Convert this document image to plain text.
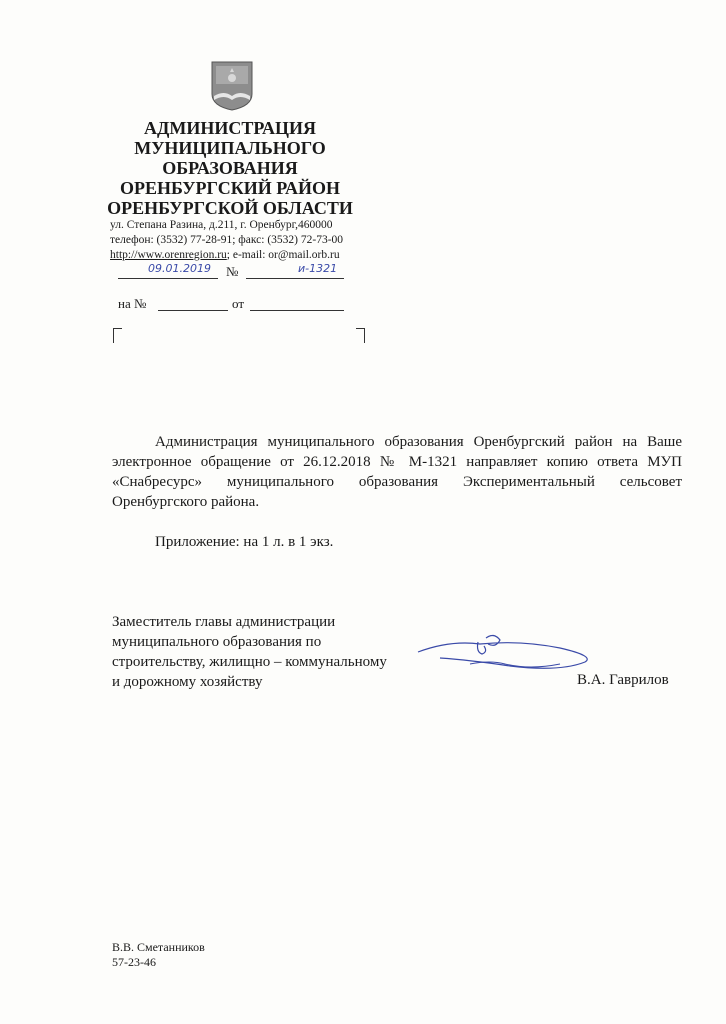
АДМИНИСТРАЦИЯ
МУНИЦИПАЛЬНОГО
ОБРАЗОВАНИЯ
ОРЕНБУРГСКИЙ РАЙОН
ОРЕНБУРГСКОЙ ОБЛАСТИ
ул. Степана Разина, д.211, г. Оренбург,460000
телефон: (3532) 77-28-91; факс: (3532) 72-73-00
http://www.orenregion.ru; e-mail: or@mail.orb.ru
09.01.2019 №	и-1321
на №	от

Администрация муниципального образования Оренбургский район на Ваше электронное обращение от 26.12.2018 № М-1321 направляет копию ответа МУП «Снабресурс» муниципального образования Экспериментальный сельсовет Оренбургского района.

Приложение: на 1 л. в 1 экз.
Заместитель главы администрации
муниципального образования по
строительству, жилищно – коммунальному
и дорожному хозяйству	В.А. Гаврилов
В.В. Сметанников
57-23-46
